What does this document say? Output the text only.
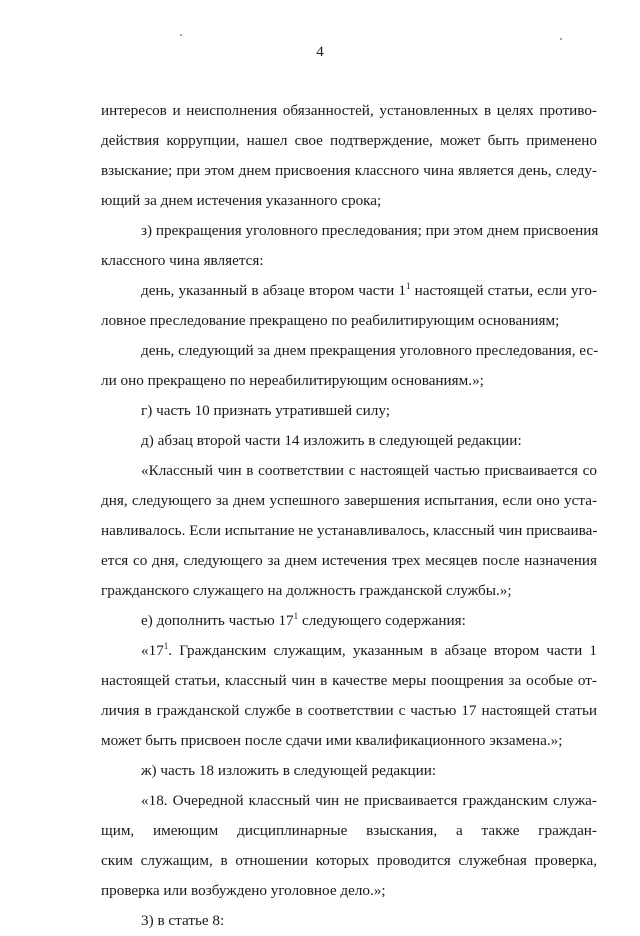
4
интересов и неисполнения обязанностей, установленных в целях противо-
действия коррупции, нашел свое подтверждение, может быть применено
взыскание; при этом днем присвоения классного чина является день, следу-
ющий за днем истечения указанного срока;
з) прекращения уголовного преследования; при этом днем присвоения
классного чина является:
день, указанный в абзаце втором части $1^1$ настоящей статьи, если уго-
ловное преследование прекращено по реабилитирующим основаниям;
день, следующий за днем прекращения уголовного преследования, ес-
ли оно прекращено по нереабилитирующим основаниям.»;
г) часть 10 признать утратившей силу;
д) абзац второй части 14 изложить в следующей редакции:
«Классный чин в соответствии с настоящей частью присваивается со
дня, следующего за днем успешного завершения испытания, если оно уста-
навливалось. Если испытание не устанавливалось, классный чин присваива-
ется со дня, следующего за днем истечения трех месяцев после назначения
гражданского служащего на должность гражданской службы.»;
е) дополнить частью $17^1$ следующего содержания:
«$17^1$. Гражданским служащим, указанным в абзаце втором части 1
настоящей статьи, классный чин в качестве меры поощрения за особые от-
личия в гражданской службе в соответствии с частью 17 настоящей статьи
может быть присвоен после сдачи ими квалификационного экзамена.»;
ж) часть 18 изложить в следующей редакции:
«18. Очередной классный чин не присваивается гражданским служа-
щим, имеющим дисциплинарные взыскания, а также граждан-
ским служащим, в отношении которых проводится служебная проверка,
проверка или возбуждено уголовное дело.»;
3) в статье 8:
